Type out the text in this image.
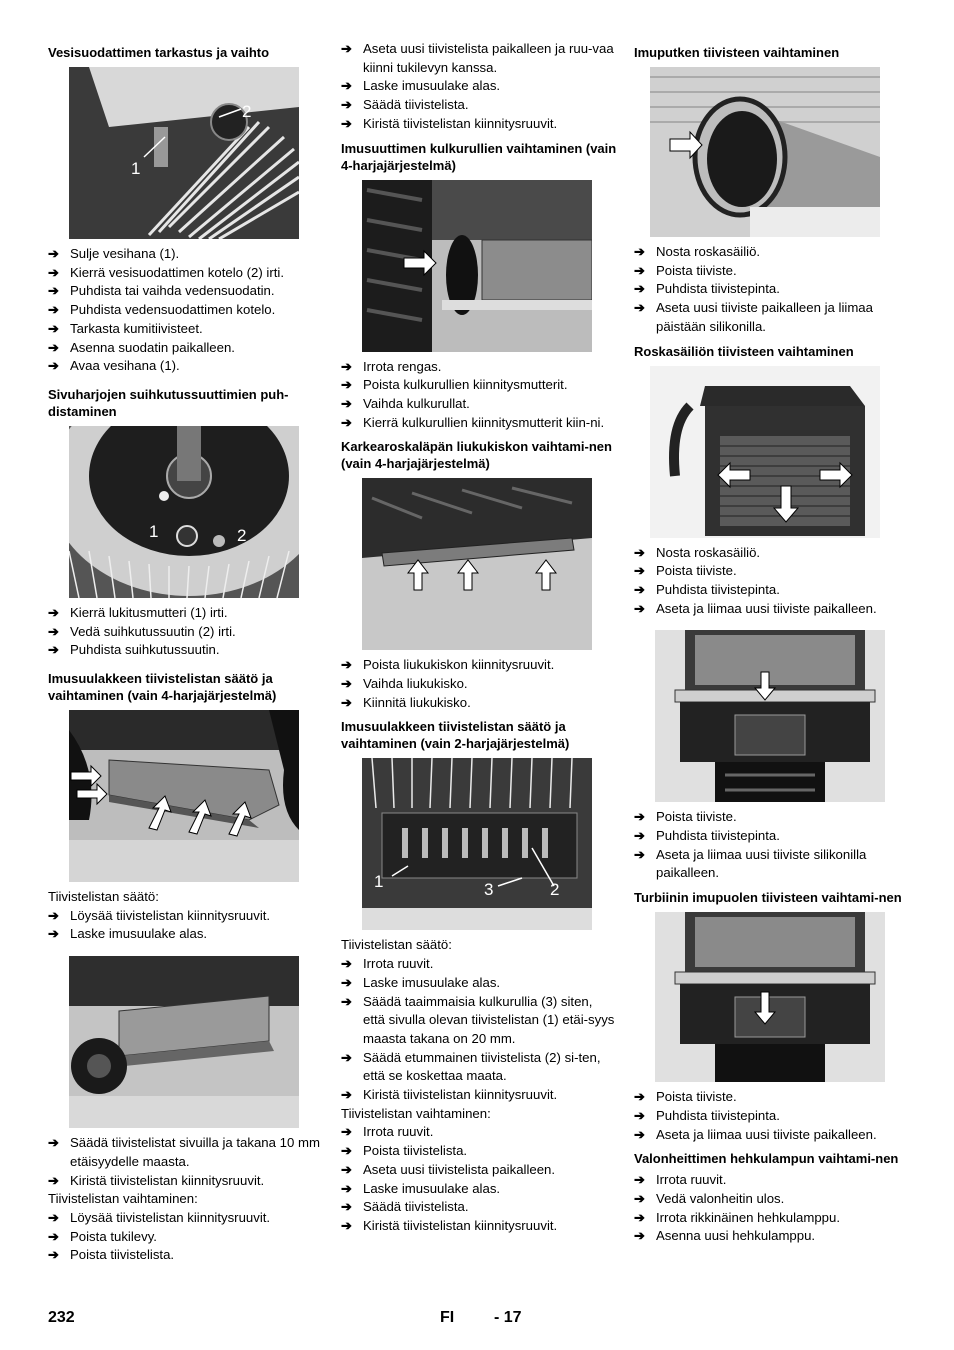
Vesisuodattimen tarkastus ja vaihto
1
2
➔ Sulje vesihana (1).
➔ Kierrä vesisuodattimen kotelo (2) irti.
➔ Puhdista tai vaihda vedensuodatin.
➔ Puhdista vedensuodattimen kotelo.
➔ Tarkasta kumitiivisteet.
➔ Asenna suodatin paikalleen.
➔ Avaa vesihana (1).
Sivuharjojen suihkutussuuttimien puh-distaminen
1	2
➔ Kierrä lukitusmutteri (1) irti.
➔ Vedä suihkutussuutin (2) irti.
➔ Puhdista suihkutussuutin.
Imusuulakkeen tiivistelistan säätö ja vaihtaminen (vain 4-harjajärjestelmä)

Tiivistelistan säätö:

➔ Löysää tiivistelistan kiinnitysruuvit.
➔ Laske imusuulake alas.
➔ Säädä tiivistelistat sivuilla ja takana 10 mm etäisyydelle maasta.
➔ Kiristä tiivistelistan kiinnitysruuvit.

Tiivistelistan vaihtaminen:

➔ Löysää tiivistelistan kiinnitysruuvit.
➔ Poista tukilevy.
➔ Poista tiivistelista.
➔ Aseta uusi tiivistelista paikalleen ja ruu-vaa kiinni tukilevyn kanssa.
➔ Laske imusuulake alas.
➔ Säädä tiivistelista.
➔ Kiristä tiivistelistan kiinnitysruuvit.
Imusuuttimen kulkurullien vaihtaminen (vain 4-harjajärjestelmä)
➔ Irrota rengas.
➔ Poista kulkurullien kiinnitysmutterit.
➔ Vaihda kulkurullat.
➔ Kierrä kulkurullien kiinnitysmutterit kiin-ni.
Karkearoskaläpän liukukiskon vaihtami-nen (vain 4-harjajärjestelmä)
➔ Poista liukukiskon kiinnitysruuvit.
➔ Vaihda liukukisko.
➔ Kiinnitä liukukisko.
Imusuulakkeen tiivistelistan säätö ja vaihtaminen (vain 2-harjajärjestelmä)
1	3	2

Tiivistelistan säätö:

➔ Irrota ruuvit.
➔ Laske imusuulake alas.
➔ Säädä taaimmaisia kulkurullia (3) siten, että sivulla olevan tiivistelistan (1) etäi-syys maasta takana on 20 mm.
➔ Säädä etummainen tiivistelista (2) si-ten, että se koskettaa maata.
➔ Kiristä tiivistelistan kiinnitysruuvit.

Tiivistelistan vaihtaminen:

➔ Irrota ruuvit.
➔ Poista tiivistelista.
➔ Aseta uusi tiivistelista paikalleen.
➔ Laske imusuulake alas.
➔ Säädä tiivistelista.
➔ Kiristä tiivistelistan kiinnitysruuvit.
Imuputken tiivisteen vaihtaminen
➔ Nosta roskasäiliö.
➔ Poista tiiviste.
➔ Puhdista tiivistepinta.
➔ Aseta uusi tiiviste paikalleen ja liimaa päistään silikonilla.
Roskasäiliön tiivisteen vaihtaminen
➔ Nosta roskasäiliö.
➔ Poista tiiviste.
➔ Puhdista tiivistepinta.
➔ Aseta ja liimaa uusi tiiviste paikalleen.
➔ Poista tiiviste.
➔ Puhdista tiivistepinta.
➔ Aseta ja liimaa uusi tiiviste silikonilla paikalleen.
Turbiinin imupuolen tiivisteen vaihtami-nen
➔ Poista tiiviste.
➔ Puhdista tiivistepinta.
➔ Aseta ja liimaa uusi tiiviste paikalleen.
Valonheittimen hehkulampun vaihtami-nen
➔ Irrota ruuvit.
➔ Vedä valonheitin ulos.
➔ Irrota rikkinäinen hehkulamppu.
➔ Asenna uusi hehkulamppu.
232	FI - 17
